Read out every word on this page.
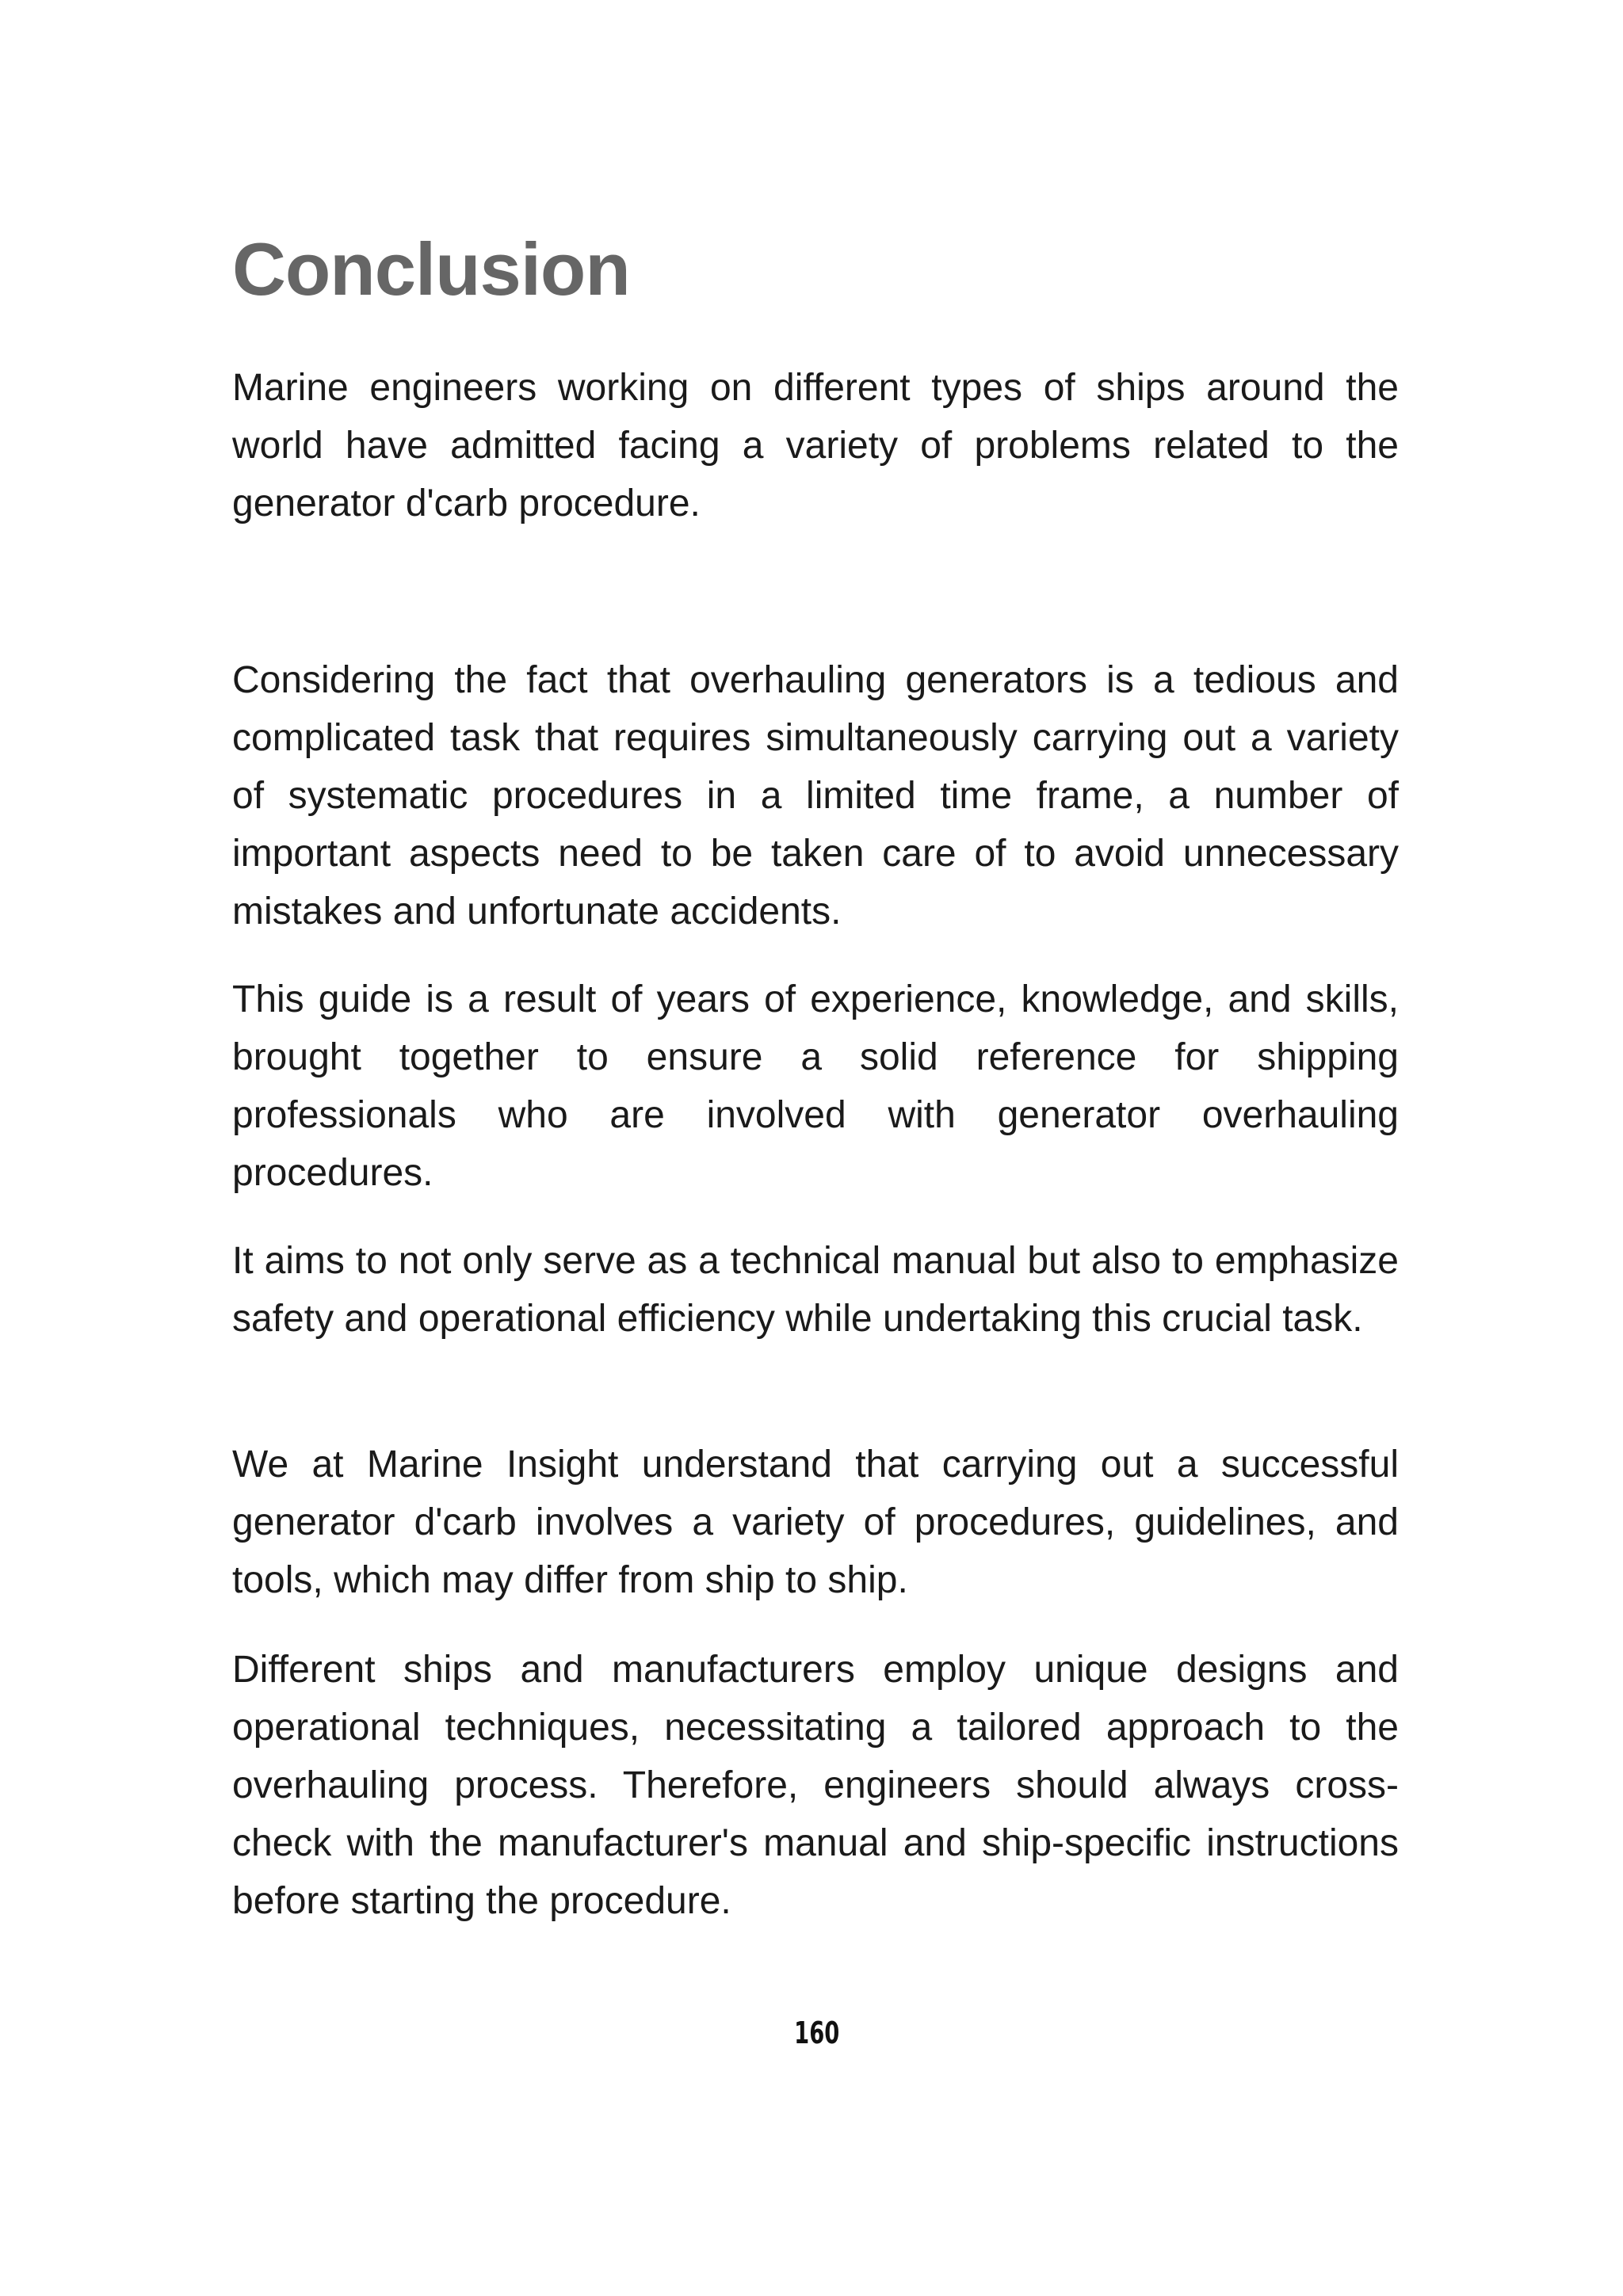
Conclusion

Marine engineers working on different types of ships around the world have admitted facing a variety of problems related to the generator d'carb procedure.

Considering the fact that overhauling generators is a tedious and complicated task that requires simultaneously carrying out a variety of systematic procedures in a limited time frame, a number of important aspects need to be taken care of to avoid unnecessary mistakes and unfortunate accidents.

This guide is a result of years of experience, knowledge, and skills, brought together to ensure a solid reference for shipping professionals who are involved with generator overhauling procedures.

It aims to not only serve as a technical manual but also to emphasize safety and operational efficiency while undertaking this crucial task.

We at Marine Insight understand that carrying out a successful generator d'carb involves a variety of procedures, guidelines, and tools, which may differ from ship to ship.

Different ships and manufacturers employ unique designs and operational techniques, necessitating a tailored approach to the overhauling process. Therefore, engineers should always cross-check with the manufacturer's manual and ship-specific instructions before starting the procedure.

160
